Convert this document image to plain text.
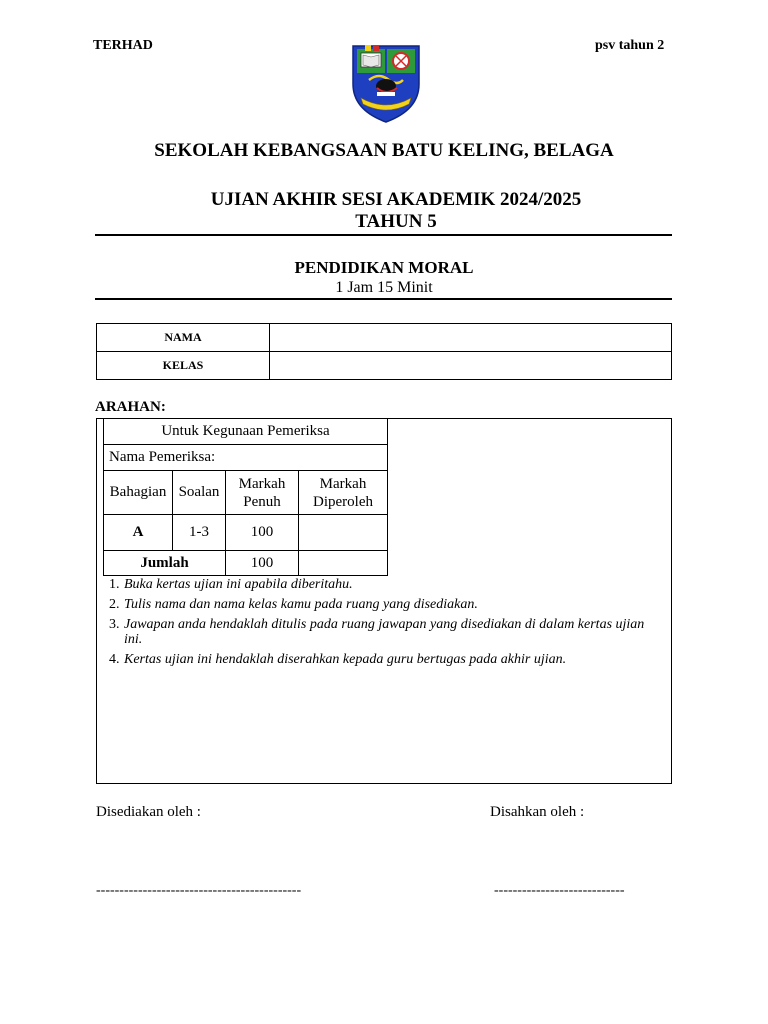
TERHAD	psv tahun 2
SEKOLAH KEBANGSAAN BATU KELING, BELAGA
UJIAN AKHIR SESI AKADEMIK 2024/2025
TAHUN 5
PENDIDIKAN MORAL
1 Jam 15 Minit
NAMA	
KELAS	
ARAHAN:
Untuk Kegunaan Pemeriksa			
Nama Pemeriksa:			
Bahagian	Soalan	Markah Penuh	Markah Diperoleh
A	1-3	100	
Jumlah		100	
1. Buka kertas ujian ini apabila diberitahu.
2. Tulis nama dan nama kelas kamu pada ruang yang disediakan.
3. Jawapan anda hendaklah ditulis pada ruang jawapan yang disediakan di dalam kertas ujian ini.
4. Kertas ujian ini hendaklah diserahkan kepada guru bertugas pada akhir ujian.
Disediakan oleh :	Disahkan oleh :
--------------------------------------------	----------------------------
